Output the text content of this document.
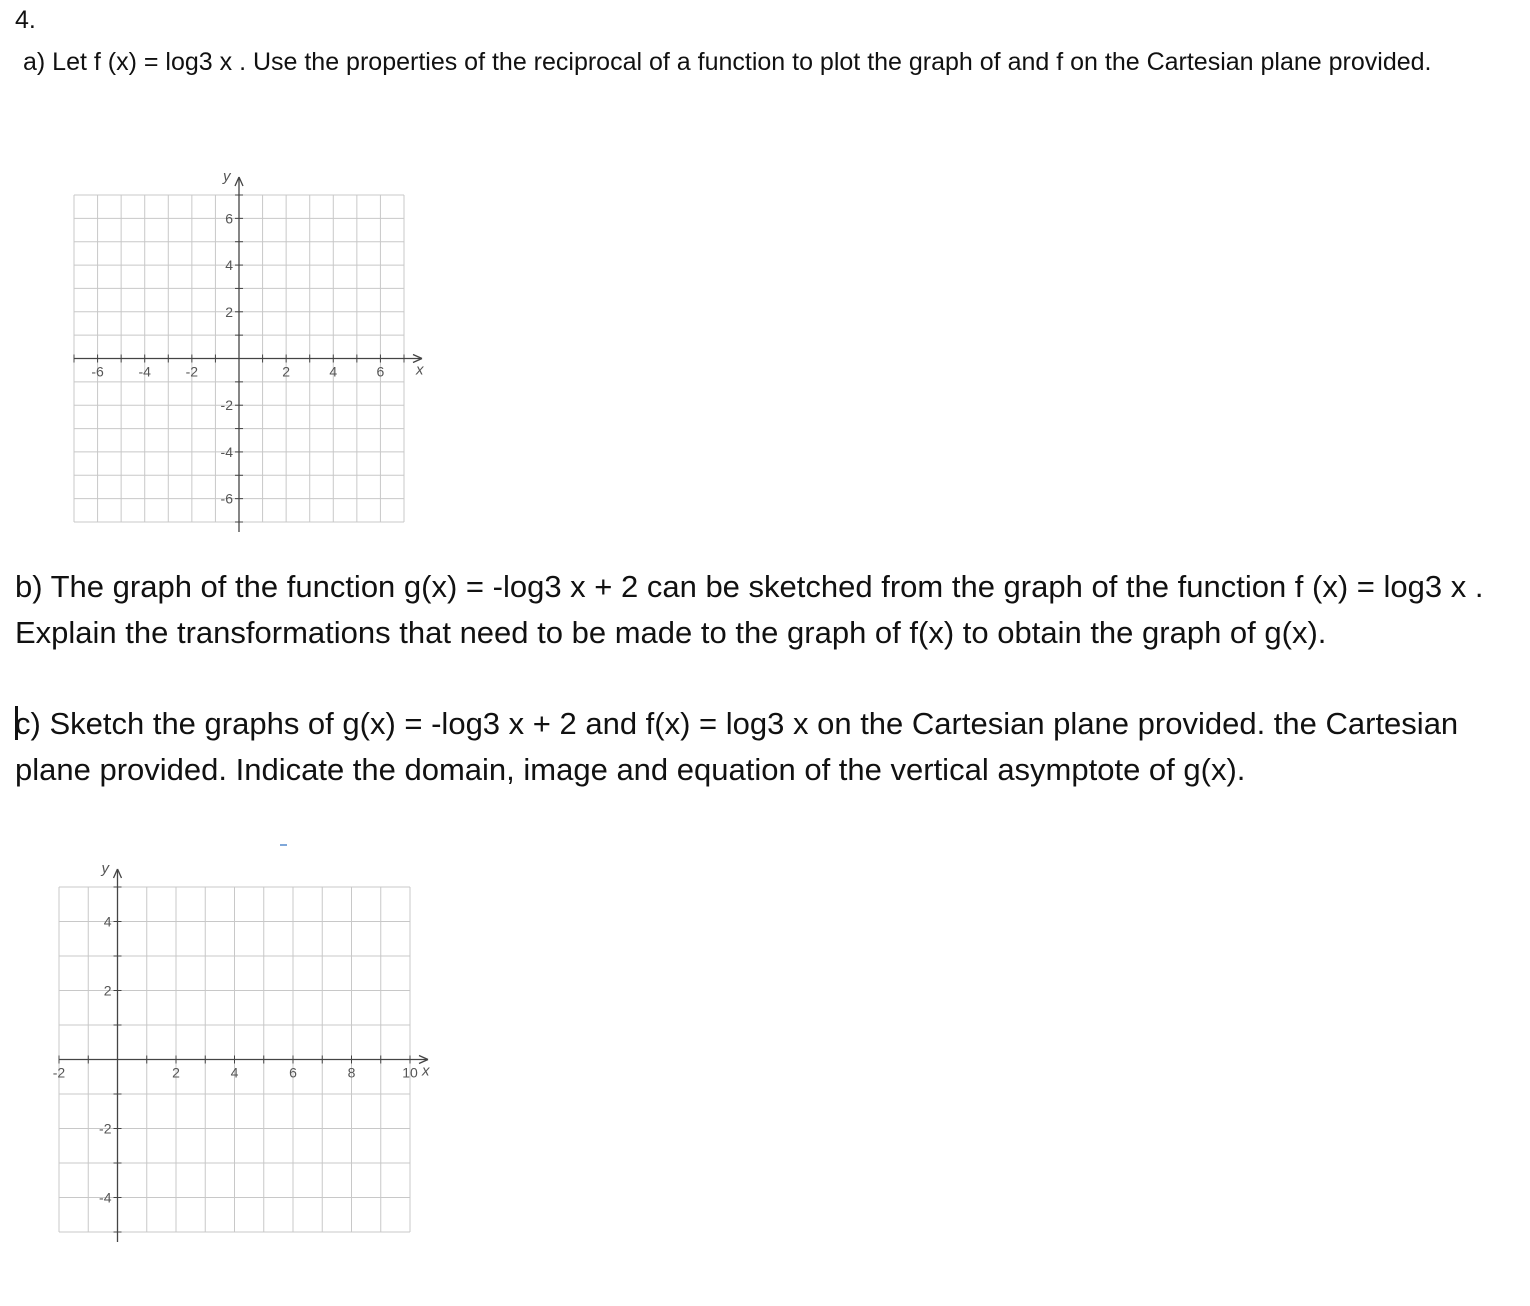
4.
a) Let f (x) = log3 x . Use the properties of the reciprocal of a function to plot the graph of and f on the Cartesian plane provided.
-6 -4 -2	2	4	6
6
4
2
-2
-4
-6
x
y
b) The graph of the function g(x) = -log3 x + 2 can be sketched from the graph of the function f (x) = log3 x . Explain the transformations that need to be made to the graph of f(x) to obtain the graph of g(x).
c) Sketch the graphs of g(x) = -log3 x + 2 and f(x) = log3 x on the Cartesian plane provided. the Cartesian plane provided. Indicate the domain, image and equation of the vertical asymptote of g(x).
-2	2	4	6	8	10
4
2
-2
-4
x
y
